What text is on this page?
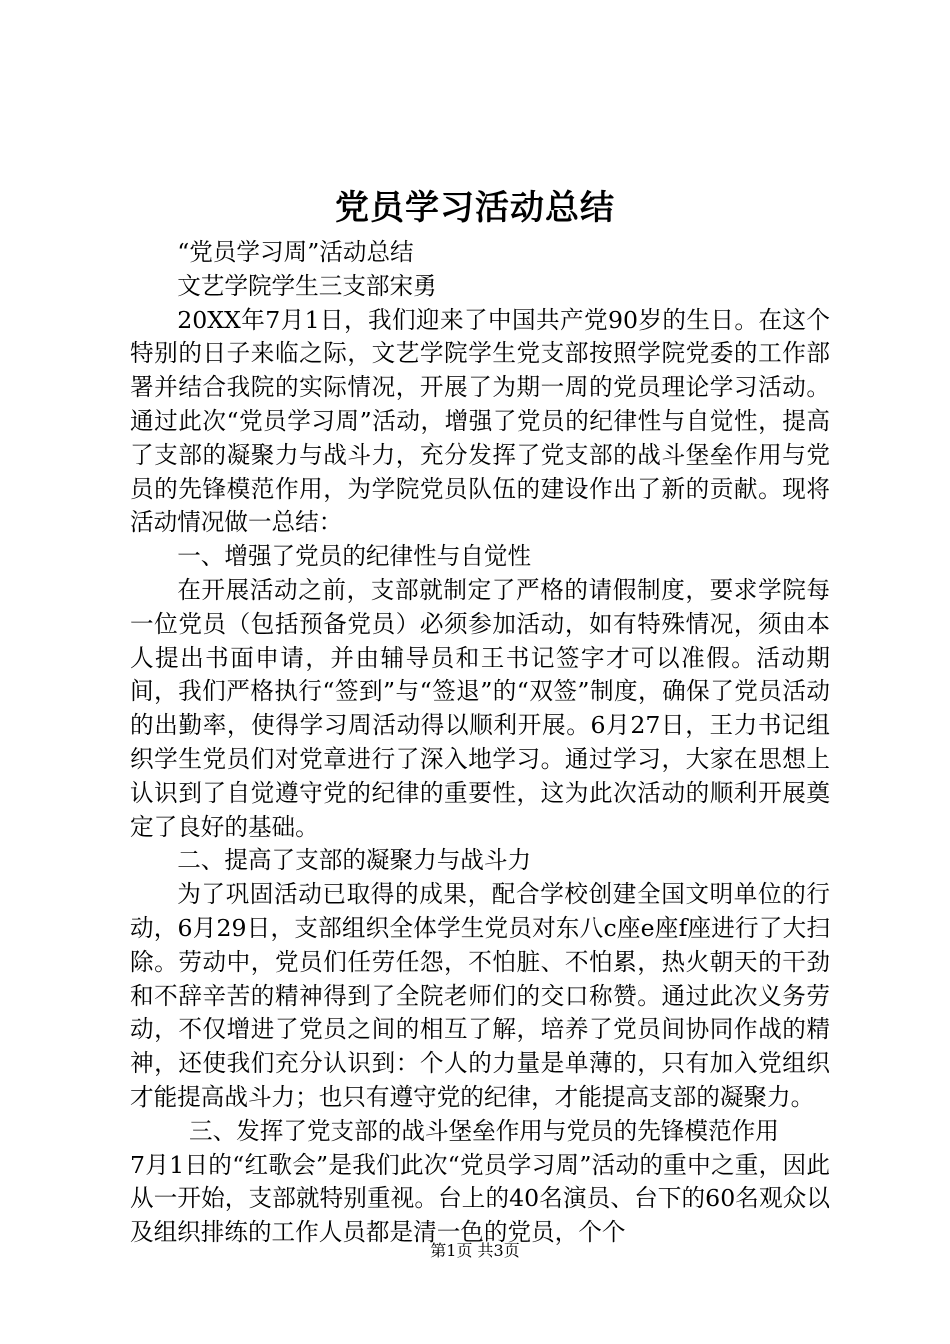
党员学习活动总结

“党员学习周”活动总结

文艺学院学生三支部宋勇

20XX年7月1日，我们迎来了中国共产党90岁的生日。在这个特别的日子来临之际，文艺学院学生党支部按照学院党委的工作部署并结合我院的实际情况，开展了为期一周的党员理论学习活动。通过此次“党员学习周”活动，增强了党员的纪律性与自觉性，提高了支部的凝聚力与战斗力，充分发挥了党支部的战斗堡垒作用与党员的先锋模范作用，为学院党员队伍的建设作出了新的贡献。现将活动情况做一总结：

一、增强了党员的纪律性与自觉性

在开展活动之前，支部就制定了严格的请假制度，要求学院每一位党员（包括预备党员）必须参加活动，如有特殊情况，须由本人提出书面申请，并由辅导员和王书记签字才可以准假。活动期间，我们严格执行“签到”与“签退”的“双签”制度，确保了党员活动的出勤率，使得学习周活动得以顺利开展。6月27日，王力书记组织学生党员们对党章进行了深入地学习。通过学习，大家在思想上认识到了自觉遵守党的纪律的重要性，这为此次活动的顺利开展奠定了良好的基础。

二、提高了支部的凝聚力与战斗力

为了巩固活动已取得的成果，配合学校创建全国文明单位的行动，6月29日，支部组织全体学生党员对东八c座e座f座进行了大扫除。劳动中，党员们任劳任怨，不怕脏、不怕累，热火朝天的干劲和不辞辛苦的精神得到了全院老师们的交口称赞。通过此次义务劳动，不仅增进了党员之间的相互了解，培养了党员间协同作战的精神，还使我们充分认识到：个人的力量是单薄的，只有加入党组织才能提高战斗力；也只有遵守党的纪律，才能提高支部的凝聚力。

三、发挥了党支部的战斗堡垒作用与党员的先锋模范作用

7月1日的“红歌会”是我们此次“党员学习周”活动的重中之重，因此从一开始，支部就特别重视。台上的40名演员、台下的60名观众以及组织排练的工作人员都是清一色的党员，个个

第1页 共3页
